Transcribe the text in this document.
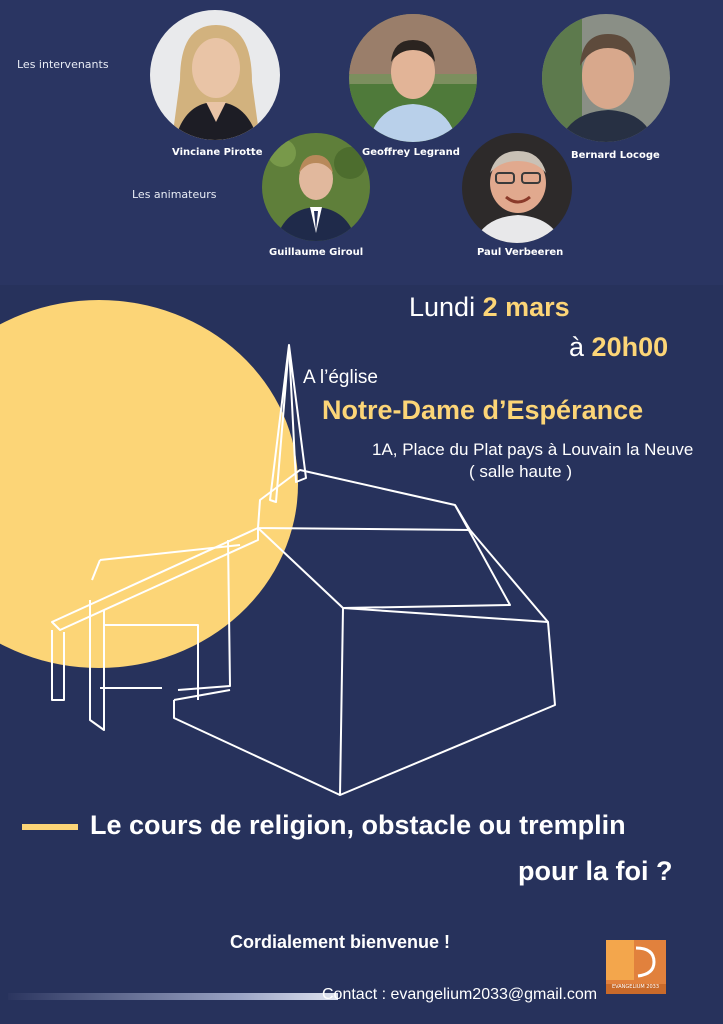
Les intervenants
Les animateurs
Vinciane Pirotte	Geoffrey Legrand	Bernard Locoge
Guillaume Giroul	Paul Verbeeren
Lundi 2 mars
à 20h00
A l’église
Notre-Dame d’Espérance
1A, Place du Plat pays à Louvain la Neuve
( salle haute )
Le cours de religion, obstacle ou tremplin
pour la foi ?
Cordialement bienvenue !
Contact : evangelium2033@gmail.com	EVANGELIUM 2033
